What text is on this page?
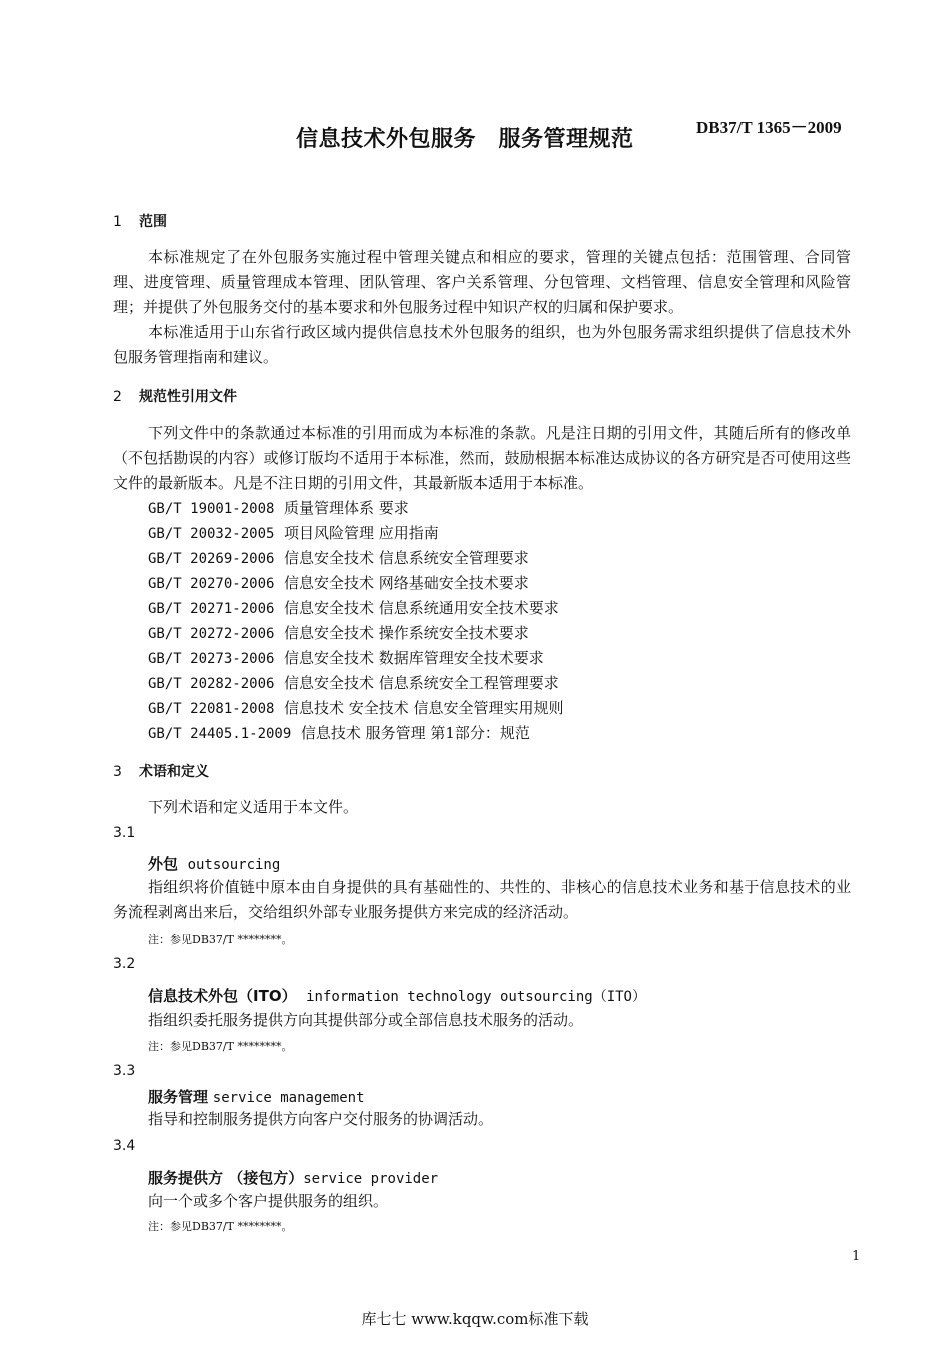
DB37/T 1365－2009
信息技术外包服务　服务管理规范
1 范围
本标准规定了在外包服务实施过程中管理关键点和相应的要求，管理的关键点包括：范围管理、合同管理、进度管理、质量管理成本管理、团队管理、客户关系管理、分包管理、文档管理、信息安全管理和风险管理；并提供了外包服务交付的基本要求和外包服务过程中知识产权的归属和保护要求。
本标准适用于山东省行政区域内提供信息技术外包服务的组织，也为外包服务需求组织提供了信息技术外包服务管理指南和建议。
2 规范性引用文件
下列文件中的条款通过本标准的引用而成为本标准的条款。凡是注日期的引用文件，其随后所有的修改单（不包括勘误的内容）或修订版均不适用于本标准，然而，鼓励根据本标准达成协议的各方研究是否可使用这些文件的最新版本。凡是不注日期的引用文件，其最新版本适用于本标准。
GB/T 19001-2008 质量管理体系 要求
GB/T 20032-2005 项目风险管理 应用指南
GB/T 20269-2006 信息安全技术 信息系统安全管理要求
GB/T 20270-2006 信息安全技术 网络基础安全技术要求
GB/T 20271-2006 信息安全技术 信息系统通用安全技术要求
GB/T 20272-2006 信息安全技术 操作系统安全技术要求
GB/T 20273-2006 信息安全技术 数据库管理安全技术要求
GB/T 20282-2006 信息安全技术 信息系统安全工程管理要求
GB/T 22081-2008 信息技术 安全技术 信息安全管理实用规则
GB/T 24405.1-2009 信息技术 服务管理 第1部分：规范
3 术语和定义
下列术语和定义适用于本文件。
3.1
外包 outsourcing
指组织将价值链中原本由自身提供的具有基础性的、共性的、非核心的信息技术业务和基于信息技术的业务流程剥离出来后，交给组织外部专业服务提供方来完成的经济活动。
注：参见DB37/T ********。
3.2
信息技术外包（ITO） information technology outsourcing（ITO）
指组织委托服务提供方向其提供部分或全部信息技术服务的活动。
注：参见DB37/T ********。
3.3
服务管理 service management
指导和控制服务提供方向客户交付服务的协调活动。
3.4
服务提供方 （接包方）service provider
向一个或多个客户提供服务的组织。
注：参见DB37/T ********。
1
库七七 www.kqqw.com标准下载
